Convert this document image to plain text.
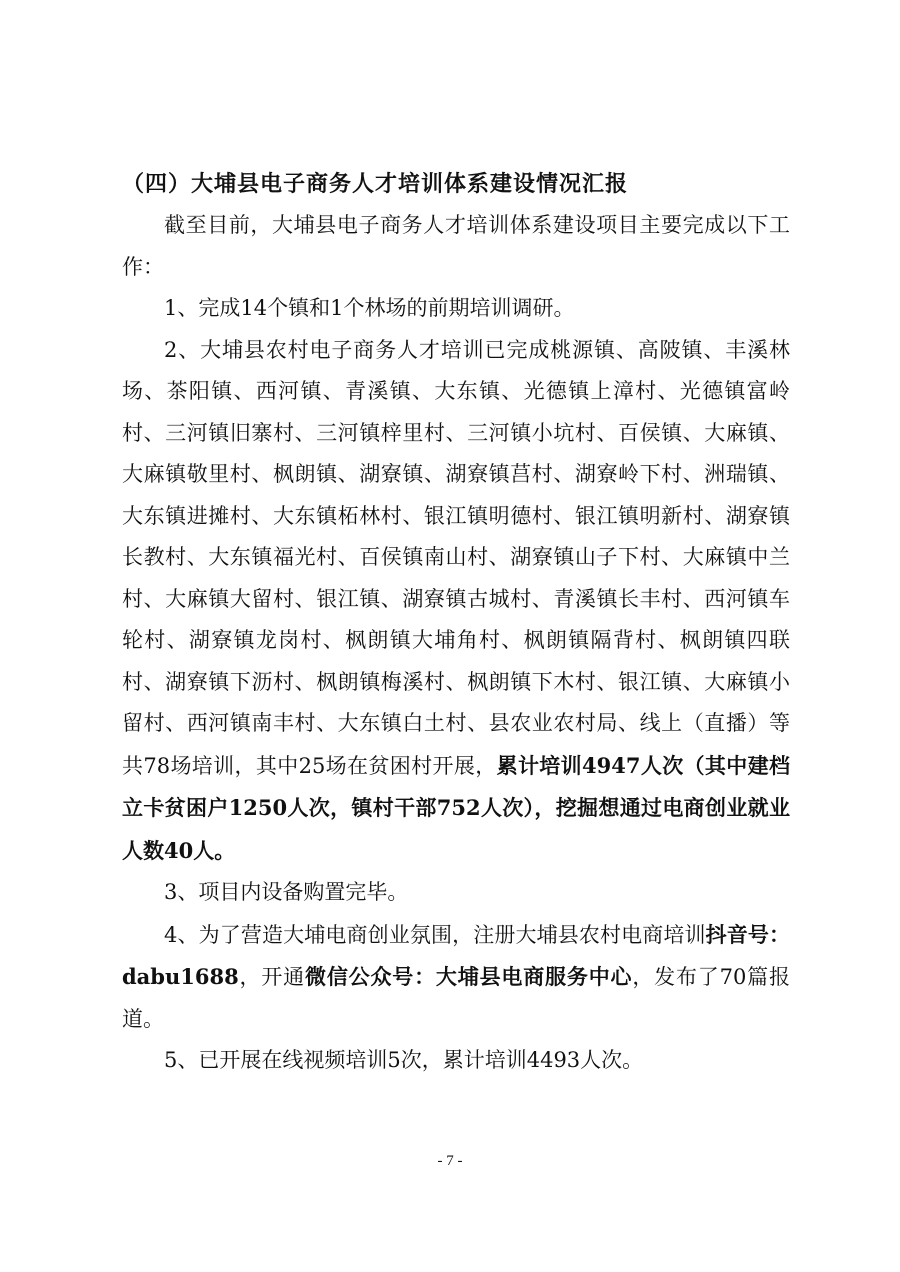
（四）大埔县电子商务人才培训体系建设情况汇报

截至目前，大埔县电子商务人才培训体系建设项目主要完成以下工作：

1、完成14个镇和1个林场的前期培训调研。

2、大埔县农村电子商务人才培训已完成桃源镇、高陂镇、丰溪林场、茶阳镇、西河镇、青溪镇、大东镇、光德镇上漳村、光德镇富岭村、三河镇旧寨村、三河镇梓里村、三河镇小坑村、百侯镇、大麻镇、大麻镇敬里村、枫朗镇、湖寮镇、湖寮镇莒村、湖寮岭下村、洲瑞镇、大东镇进摊村、大东镇柘林村、银江镇明德村、银江镇明新村、湖寮镇长教村、大东镇福光村、百侯镇南山村、湖寮镇山子下村、大麻镇中兰村、大麻镇大留村、银江镇、湖寮镇古城村、青溪镇长丰村、西河镇车轮村、湖寮镇龙岗村、枫朗镇大埔角村、枫朗镇隔背村、枫朗镇四联村、湖寮镇下沥村、枫朗镇梅溪村、枫朗镇下木村、银江镇、大麻镇小留村、西河镇南丰村、大东镇白土村、县农业农村局、线上（直播）等共78场培训，其中25场在贫困村开展，累计培训4947人次（其中建档立卡贫困户1250人次，镇村干部752人次），挖掘想通过电商创业就业人数40人。

3、项目内设备购置完毕。

4、为了营造大埔电商创业氛围，注册大埔县农村电商培训抖音号：dabu1688，开通微信公众号：大埔县电商服务中心，发布了70篇报道。

5、已开展在线视频培训5次，累计培训4493人次。

- 7 -
